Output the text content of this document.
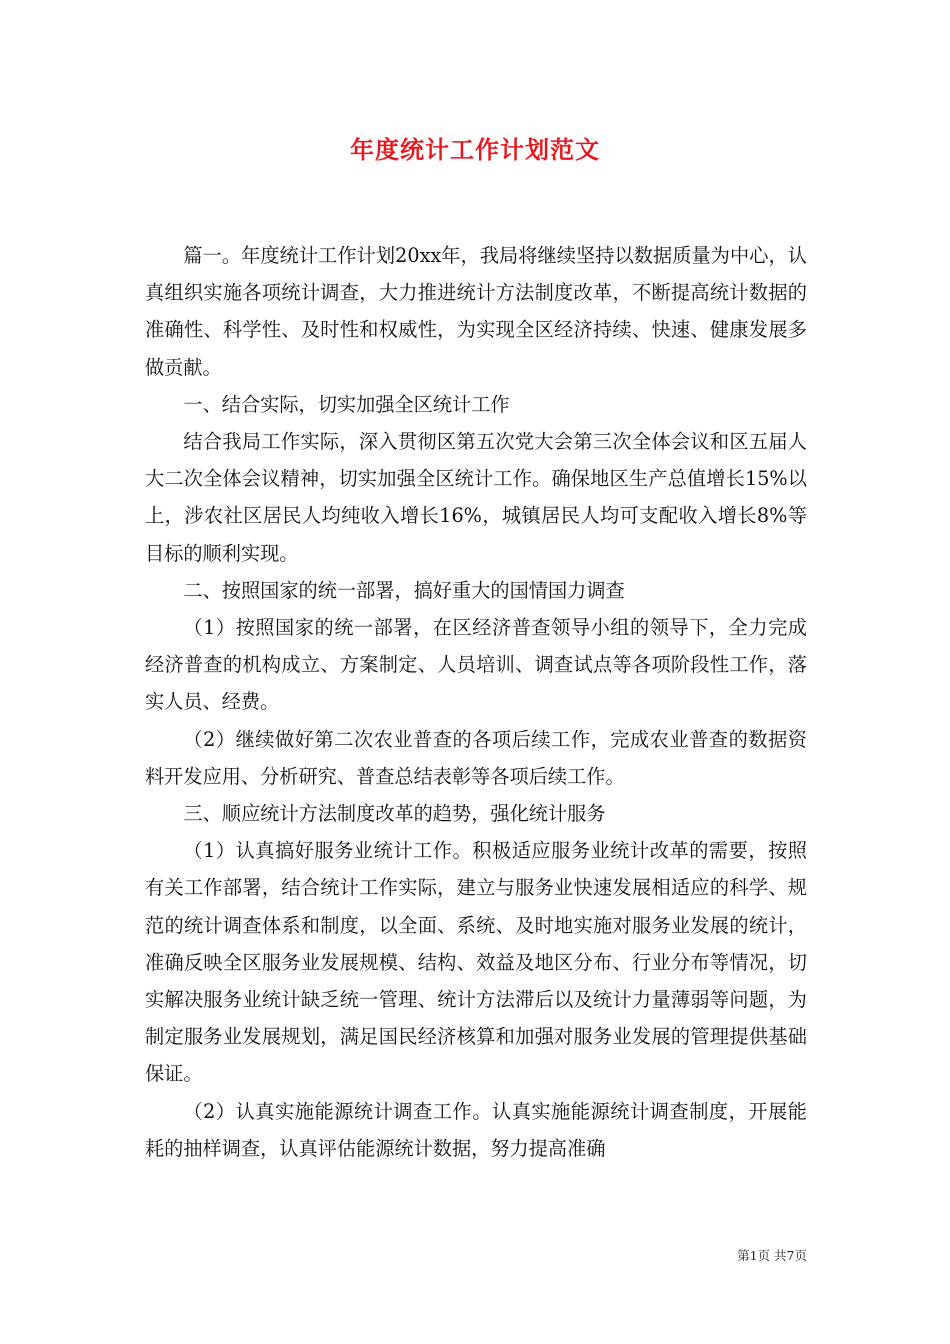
年度统计工作计划范文

篇一。年度统计工作计划20xx年，我局将继续坚持以数据质量为中心，认真组织实施各项统计调查，大力推进统计方法制度改革，不断提高统计数据的准确性、科学性、及时性和权威性，为实现全区经济持续、快速、健康发展多做贡献。

一、结合实际，切实加强全区统计工作

结合我局工作实际，深入贯彻区第五次党大会第三次全体会议和区五届人大二次全体会议精神，切实加强全区统计工作。确保地区生产总值增长15%以上，涉农社区居民人均纯收入增长16%，城镇居民人均可支配收入增长8%等目标的顺利实现。

二、按照国家的统一部署，搞好重大的国情国力调查

（1）按照国家的统一部署，在区经济普查领导小组的领导下，全力完成经济普查的机构成立、方案制定、人员培训、调查试点等各项阶段性工作，落实人员、经费。

（2）继续做好第二次农业普查的各项后续工作，完成农业普查的数据资料开发应用、分析研究、普查总结表彰等各项后续工作。

三、顺应统计方法制度改革的趋势，强化统计服务

（1）认真搞好服务业统计工作。积极适应服务业统计改革的需要，按照有关工作部署，结合统计工作实际，建立与服务业快速发展相适应的科学、规范的统计调查体系和制度，以全面、系统、及时地实施对服务业发展的统计，准确反映全区服务业发展规模、结构、效益及地区分布、行业分布等情况，切实解决服务业统计缺乏统一管理、统计方法滞后以及统计力量薄弱等问题，为制定服务业发展规划，满足国民经济核算和加强对服务业发展的管理提供基础保证。

（2）认真实施能源统计调查工作。认真实施能源统计调查制度，开展能耗的抽样调查，认真评估能源统计数据，努力提高准确

第1页 共7页
